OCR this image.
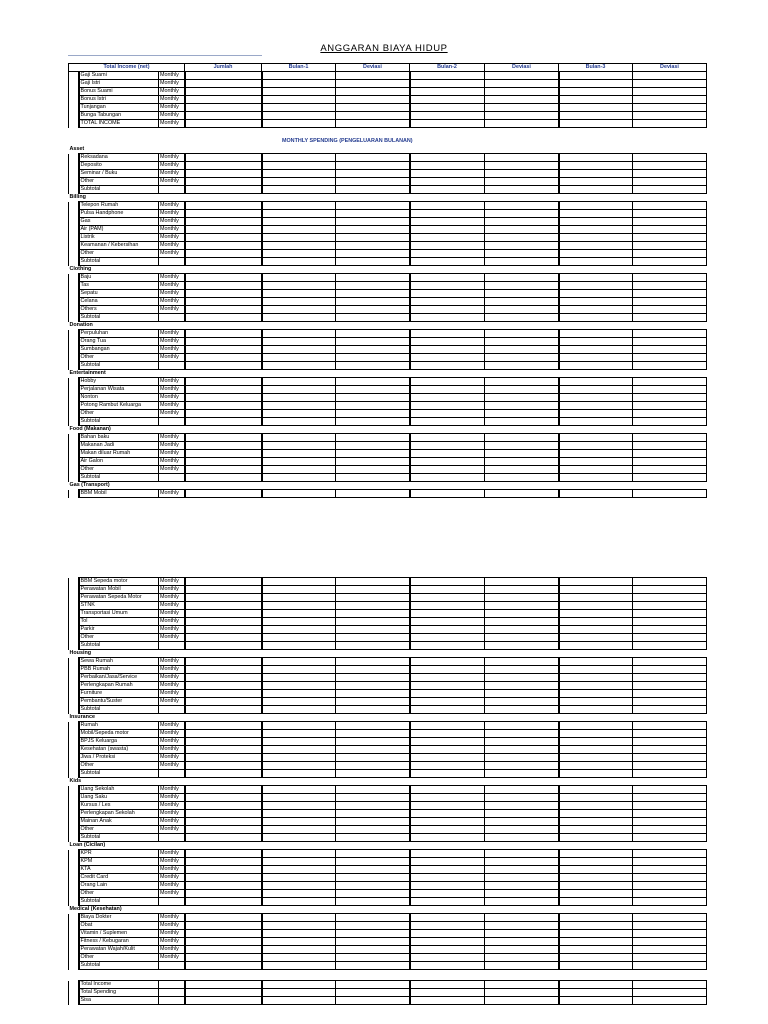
ANGGARAN BIAYA HIDUP
Total Income (net)			Jumlah	Bulan-1	Deviasi	Bulan-2	Deviasi	Bulan-3	Deviasi
	Gaji Suami	Monthly							
	Gaji Istri	Monthly							
	Bonus Suami	Monthly							
	Bonus Istri	Monthly							
	Tunjangan	Monthly							
	Bunga Tabungan	Monthly							
	TOTAL INCOME	Monthly							
MONTHLY SPENDING (PENGELUARAN BULANAN)
Asset									
	Reksadana	Monthly							
	Deposito	Monthly							
	Seminar / Buku	Monthly							
	Other	Monthly							
	Subtotal								
Billing									
	Telepon Rumah	Monthly							
	Pulsa Handphone	Monthly							
	Gas	Monthly							
	Air (PAM)	Monthly							
	Listrik	Monthly							
	Keamanan / Kebersihan	Monthly							
	Other	Monthly							
	Subtotal								
Clothing									
	Baju	Monthly							
	Tas	Monthly							
	Sepatu	Monthly							
	Celana	Monthly							
	Others	Monthly							
	Subtotal								
Donation									
	Perpuluhan	Monthly							
	Orang Tua	Monthly							
	Sumbangan	Monthly							
	Other	Monthly							
	Subtotal								
Entertainment									
	Hobby	Monthly							
	Perjalanan Wisata	Monthly							
	Nonton	Monthly							
	Potong Rambut Keluarga	Monthly							
	Other	Monthly							
	Subtotal								
Food (Makanan)									
	Bahan baku	Monthly							
	Makanan Jadi	Monthly							
	Makan diluar Rumah	Monthly							
	Air Galon	Monthly							
	Other	Monthly							
	Subtotal								
Gas (Transport)									
	BBM Mobil	Monthly							
	BBM Sepeda motor	Monthly							
	Perawatan Mobil	Monthly							
	Perawatan Sepeda Motor	Monthly							
	STNK	Monthly							
	Transportasi Umum	Monthly							
	Tol	Monthly							
	Parkir	Monthly							
	Other	Monthly							
	Subtotal								
Housing									
	Sewa Rumah	Monthly							
	PBB Rumah	Monthly							
	Perbaikan/Jasa/Service	Monthly							
	Perlengkapan Rumah	Monthly							
	Furniture	Monthly							
	Pembantu/Suster	Monthly							
	Subtotal								
Insurance									
	Rumah	Monthly							
	Mobil/Sepeda motor	Monthly							
	BPJS Keluarga	Monthly							
	Kesehatan (swasta)	Monthly							
	Jiwa / Proteksi	Monthly							
	Other	Monthly							
	Subtotal								
Kids									
	Uang Sekolah	Monthly							
	Uang Saku	Monthly							
	Kursus / Les	Monthly							
	Perlengkapan Sekolah	Monthly							
	Mainan Anak	Monthly							
	Other	Monthly							
	Subtotal								
Loan (Cicilan)									
	KPR	Monthly							
	KPM	Monthly							
	KTA	Monthly							
	Credit Card	Monthly							
	Orang Lain	Monthly							
	Other	Monthly							
	Subtotal								
Medical (Kesehatan)									
	Biaya Dokter	Monthly							
	Obat	Monthly							
	Vitamin / Suplemen	Monthly							
	Fitness / Kebugaran	Monthly							
	Perawatan Wajah/Kulit	Monthly							
	Other	Monthly							
	Subtotal								
	Total Income								
	Total Spending								
	Sisa								
